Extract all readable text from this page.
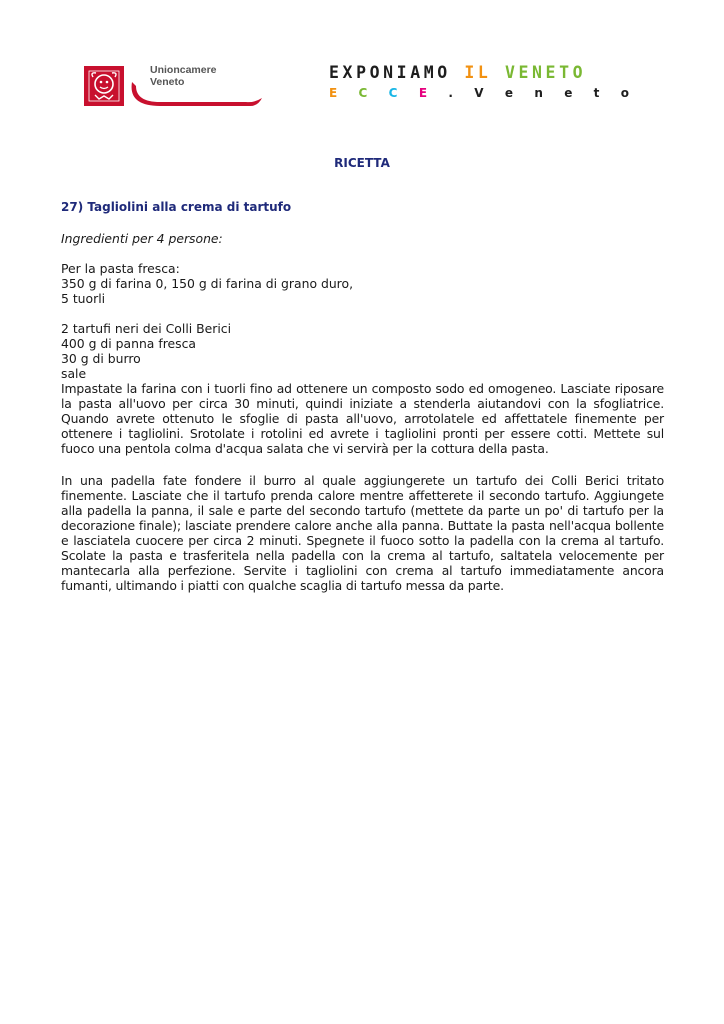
Unioncamere
Veneto	EXPONIAMO IL VENETO
E C C E . V e n e t o
RICETTA
27) Tagliolini alla crema di tartufo
Ingredienti per 4 persone:
Per la pasta fresca:
350 g di farina 0, 150 g di farina di grano duro,
5 tuorli
2 tartufi neri dei Colli Berici
400 g di panna fresca
30 g di burro
sale

Impastate la farina con i tuorli fino ad ottenere un composto sodo ed omogeneo. Lasciate riposare la pasta all'uovo per circa 30 minuti, quindi iniziate a stenderla aiutandovi con la sfogliatrice. Quando avrete ottenuto le sfoglie di pasta all'uovo, arrotolatele ed affettatele finemente per ottenere i tagliolini. Srotolate i rotolini ed avrete i tagliolini pronti per essere cotti. Mettete sul fuoco una pentola colma d'acqua salata che vi servirà per la cottura della pasta.

In una padella fate fondere il burro al quale aggiungerete un tartufo dei Colli Berici tritato finemente. Lasciate che il tartufo prenda calore mentre affetterete il secondo tartufo. Aggiungete alla padella la panna, il sale e parte del secondo tartufo (mettete da parte un po' di tartufo per la decorazione finale); lasciate prendere calore anche alla panna. Buttate la pasta nell'acqua bollente e lasciatela cuocere per circa 2 minuti. Spegnete il fuoco sotto la padella con la crema al tartufo. Scolate la pasta e trasferitela nella padella con la crema al tartufo, saltatela velocemente per mantecarla alla perfezione. Servite i tagliolini con crema al tartufo immediatamente ancora fumanti, ultimando i piatti con qualche scaglia di tartufo messa da parte.
